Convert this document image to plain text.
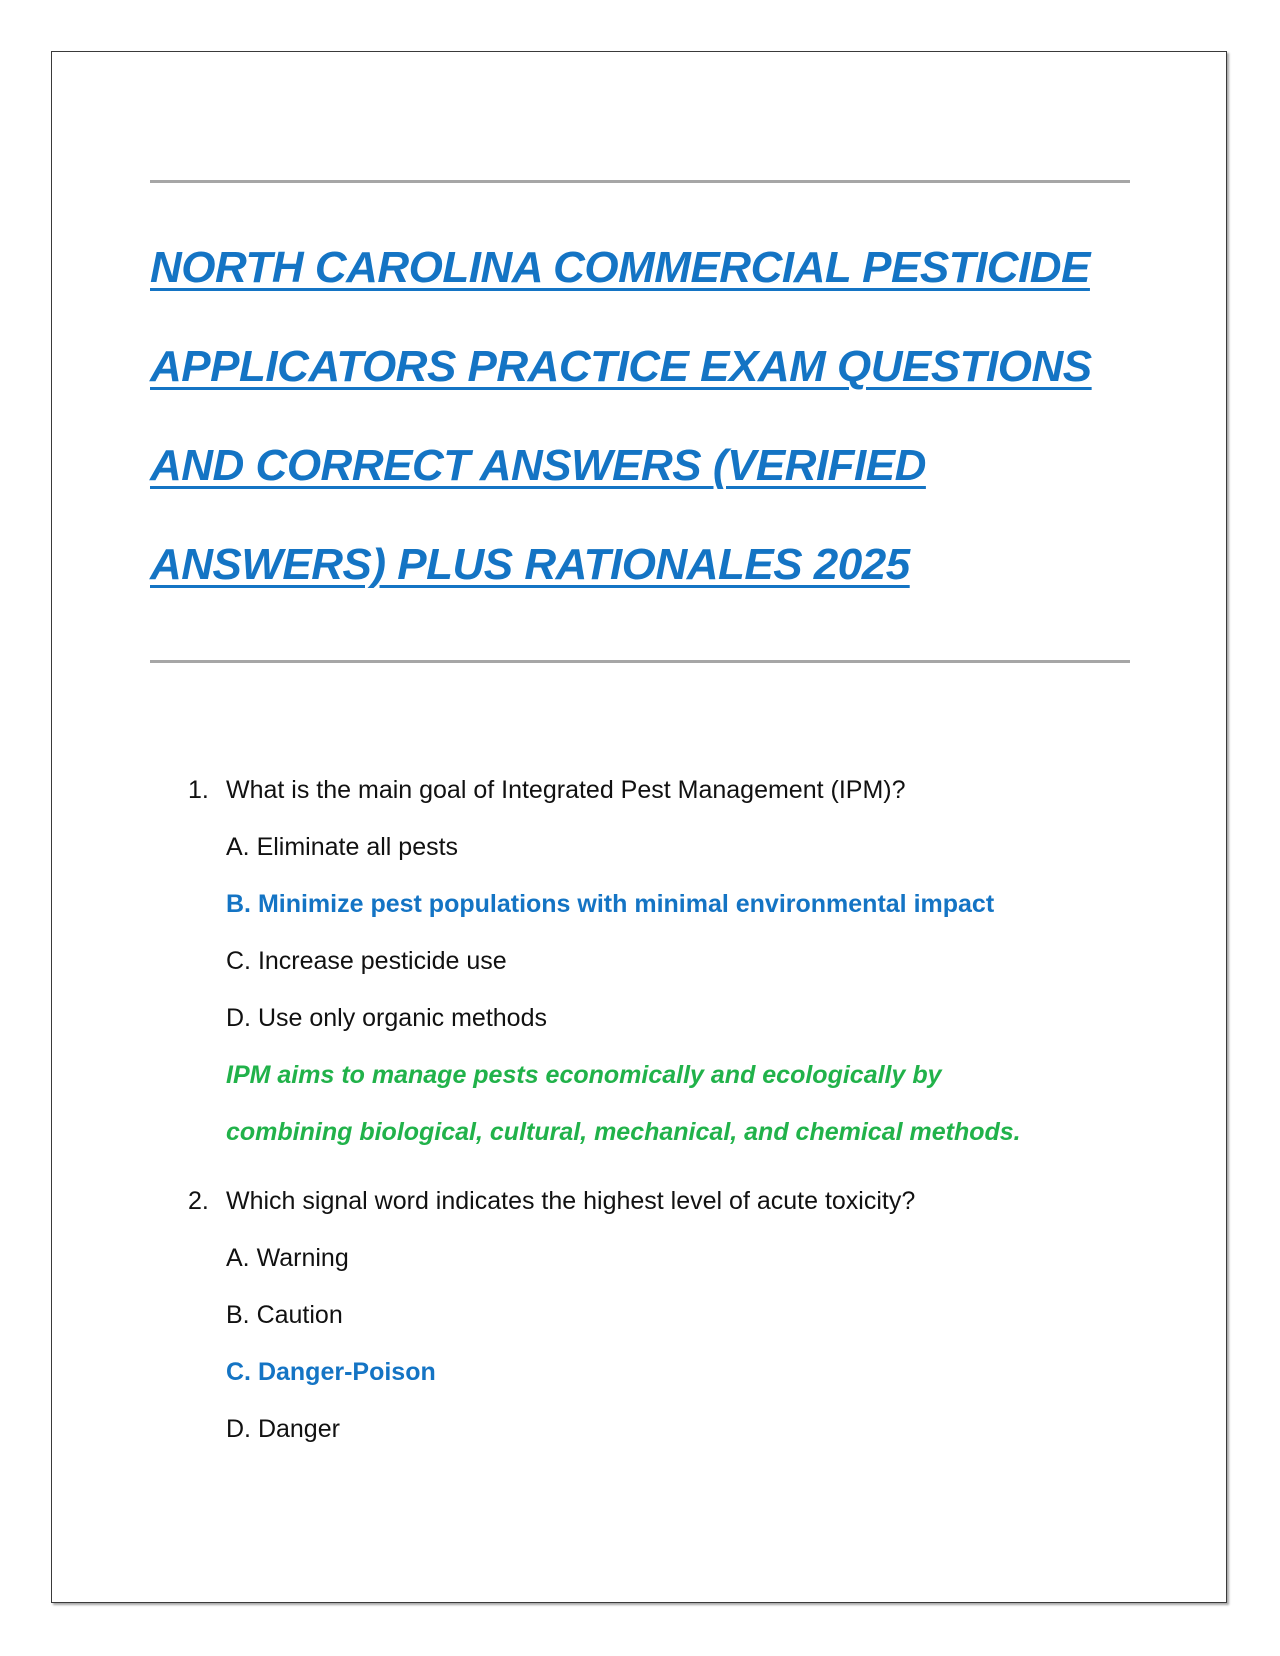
NORTH CAROLINA COMMERCIAL PESTICIDE
APPLICATORS PRACTICE EXAM QUESTIONS
AND CORRECT ANSWERS (VERIFIED
ANSWERS) PLUS RATIONALES 2025
1. What is the main goal of Integrated Pest Management (IPM)?
A. Eliminate all pests
B. Minimize pest populations with minimal environmental impact
C. Increase pesticide use
D. Use only organic methods
IPM aims to manage pests economically and ecologically by
combining biological, cultural, mechanical, and chemical methods.
2. Which signal word indicates the highest level of acute toxicity?
A. Warning
B. Caution
C. Danger-Poison
D. Danger
